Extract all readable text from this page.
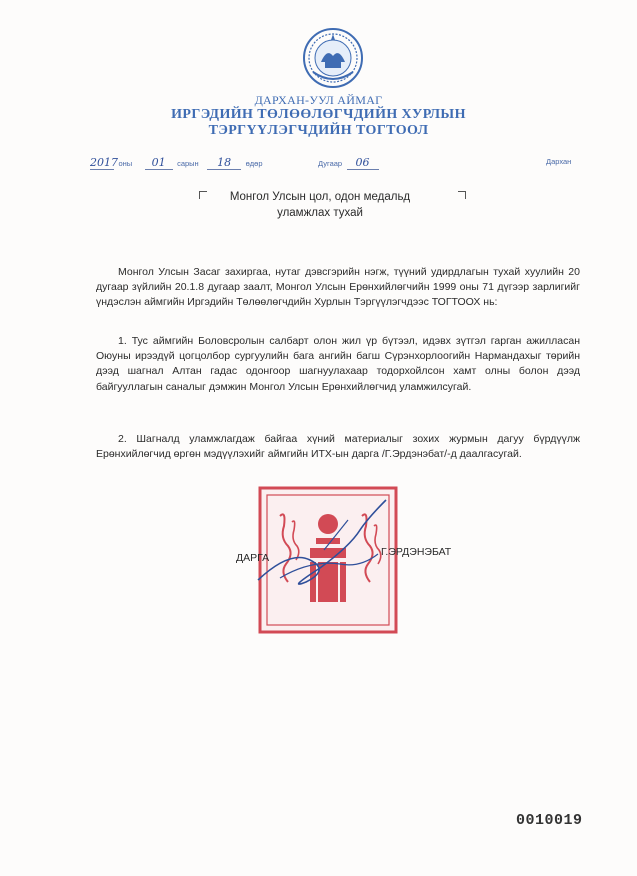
ДАРХАН-УУЛ АЙМАГ
ИРГЭДИЙН ТӨЛӨӨЛӨГЧДИЙН ХУРЛЫН
ТЭРГҮҮЛЭГЧДИЙН ТОГТООЛ
2017 оны 01 сарын 18 өдөр	Дугаар 06	Дархан
Монгол Улсын цол, одон медальд
уламжлах тухай
Монгол Улсын Засаг захиргаа, нутаг дэвсгэрийн нэгж, түүний удирдлагын тухай хуулийн 20 дугаар зүйлийн 20.1.8 дугаар заалт, Монгол Улсын Ерөнхийлөгчийн 1999 оны 71 дүгээр зарлигийг үндэслэн аймгийн Иргэдийн Төлөөлөгчдийн Хурлын Тэргүүлэгчдээс ТОГТООХ нь:
1. Тус аймгийн Боловсролын салбарт олон жил үр бүтээл, идэвх зүтгэл гарган ажилласан Оюуны ирээдүй цогцолбор сургуулийн бага ангийн багш Сүрэнхорлоогийн Нармандахыг төрийн дээд шагнал Алтан гадас одонгоор шагнуулахаар тодорхойлсон хамт олны болон дээд байгууллагын саналыг дэмжин Монгол Улсын Ерөнхийлөгчид уламжилсугай.
2. Шагналд уламжлагдаж байгаа хүний материалыг зохих журмын дагуу бүрдүүлж Ерөнхийлөгчид өргөн мэдүүлэхийг аймгийн ИТХ-ын дарга /Г.Эрдэнэбат/-д даалгасугай.
ДАРГА	Г.ЭРДЭНЭБАТ
0010019
